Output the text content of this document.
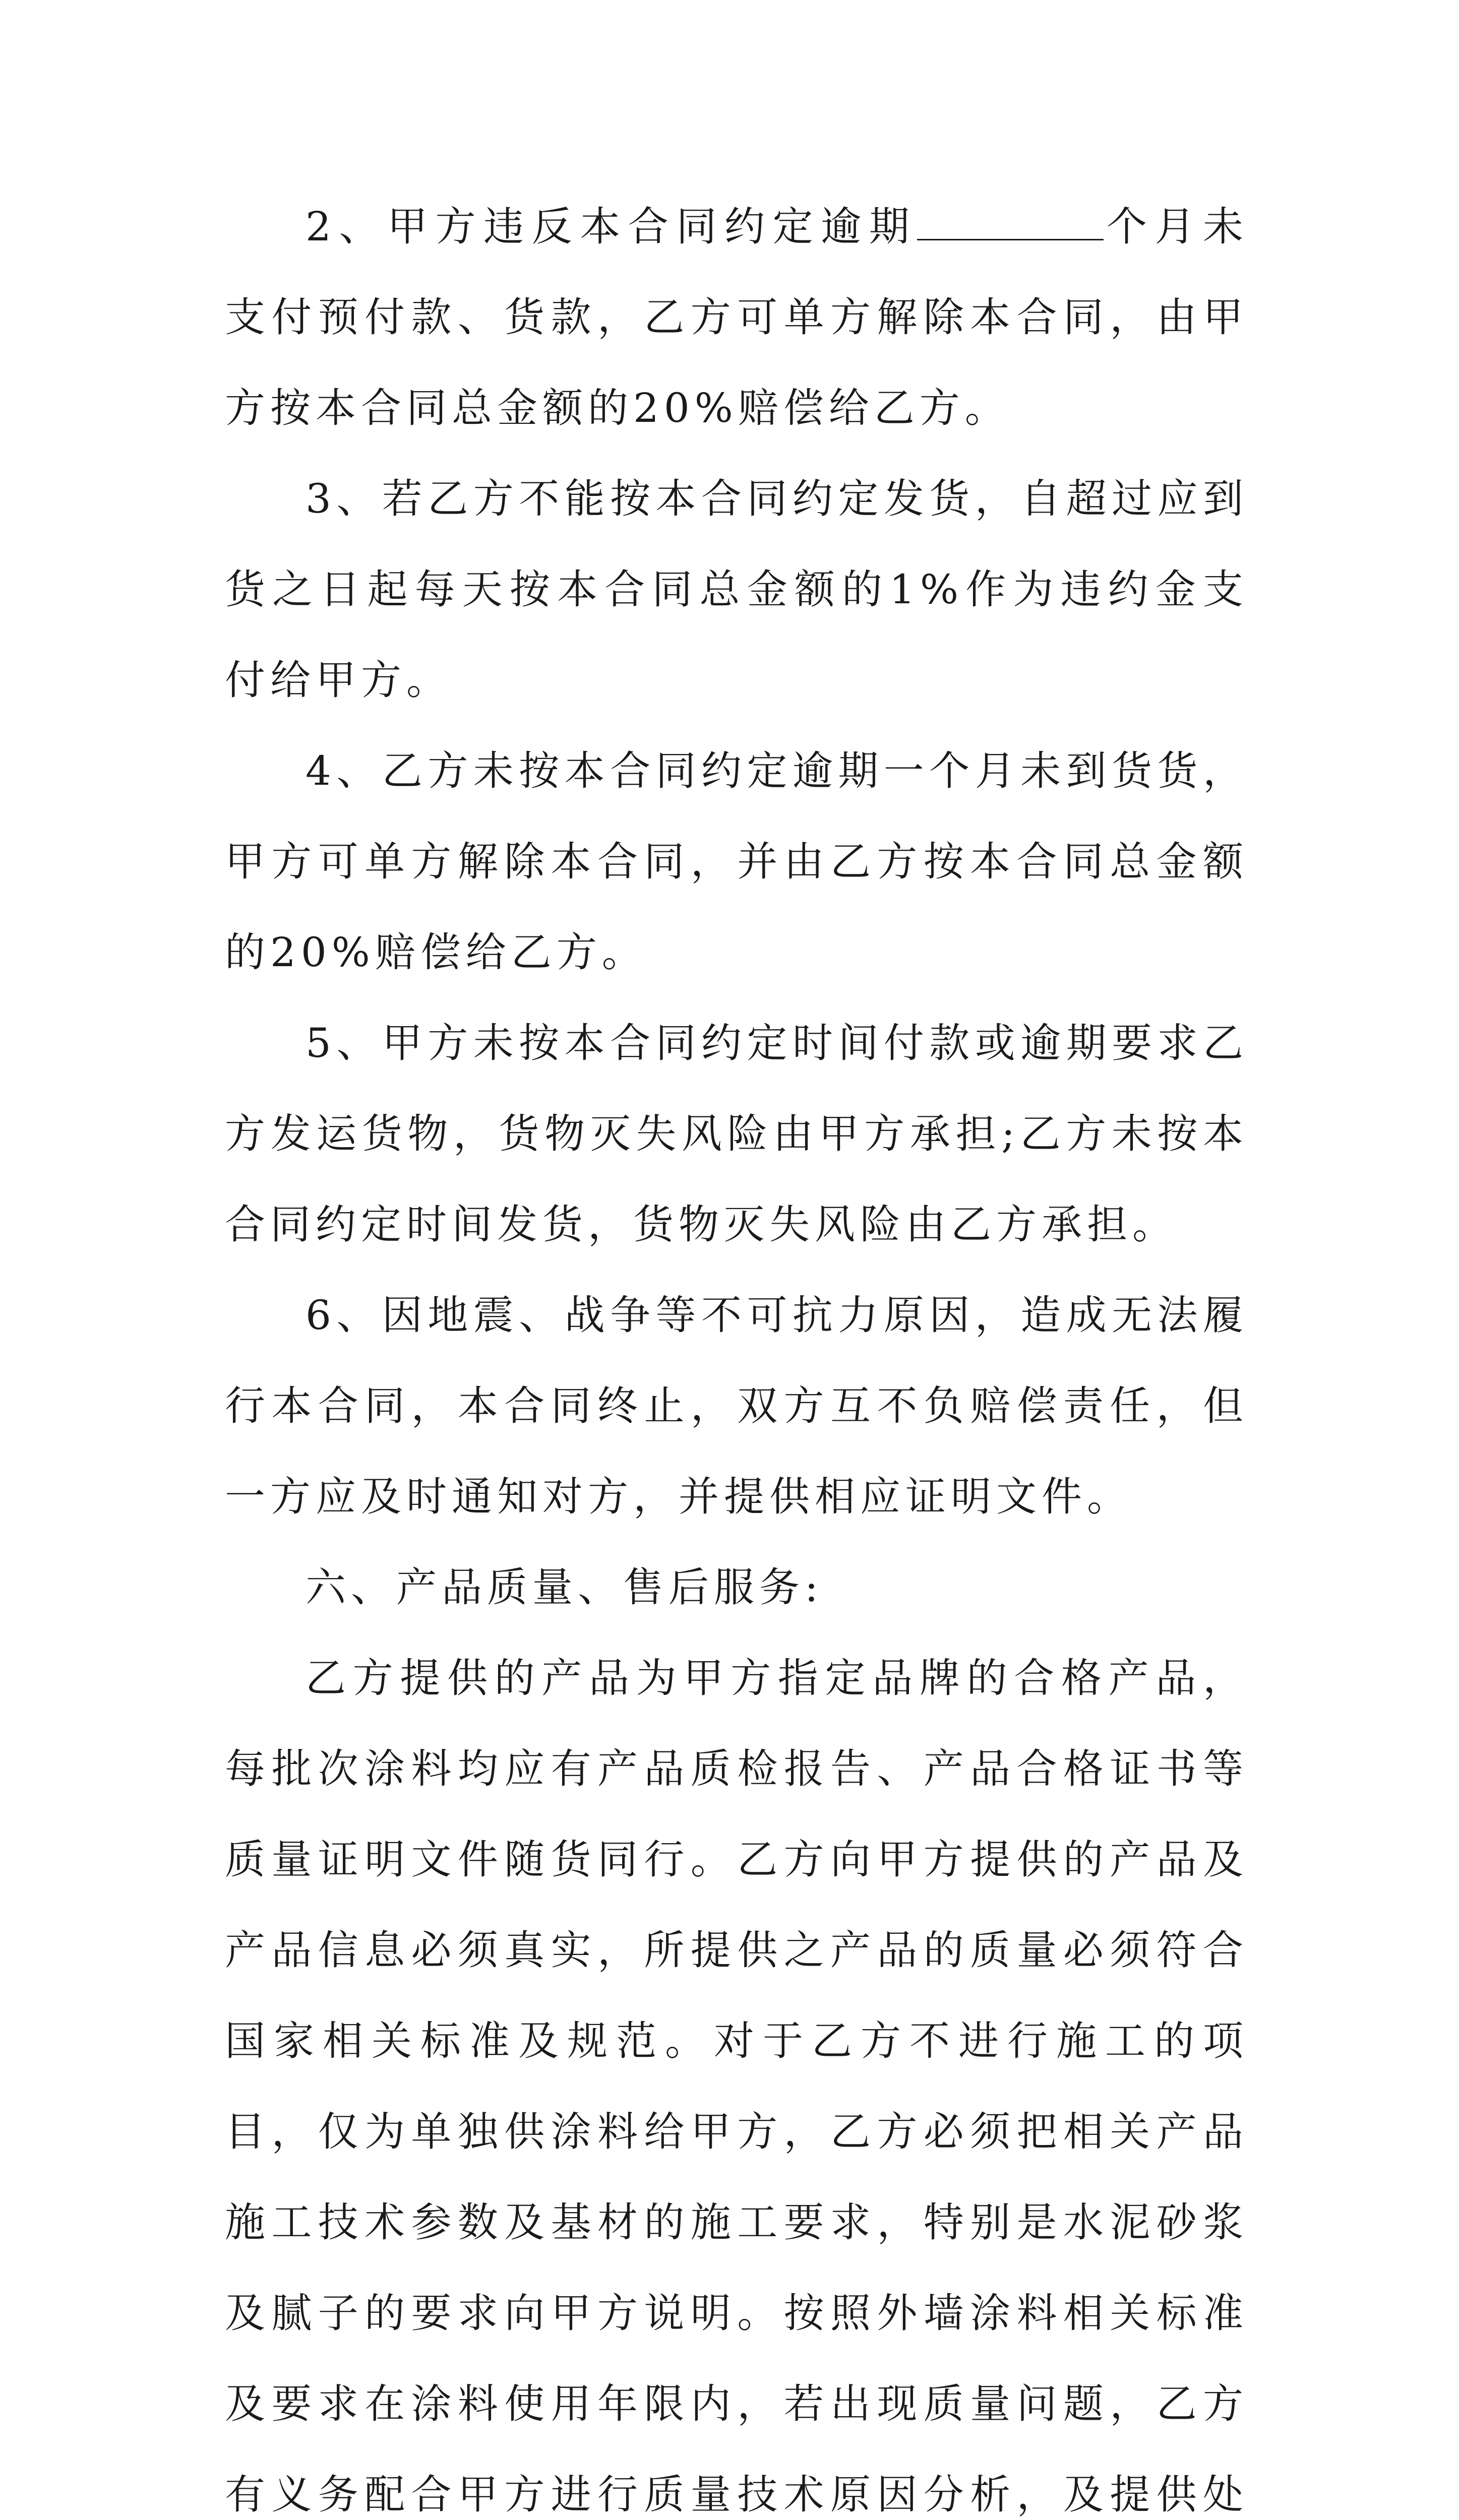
2、甲方违反本合同约定逾期	个月未支付预付款、货款，乙方可单方解除本合同，由甲方按本合同总金额的20%赔偿给乙方。

3、若乙方不能按本合同约定发货，自超过应到货之日起每天按本合同总金额的1%作为违约金支付给甲方。

4、乙方未按本合同约定逾期一个月未到货货，甲方可单方解除本合同，并由乙方按本合同总金额的20%赔偿给乙方。

5、甲方未按本合同约定时间付款或逾期要求乙方发运货物，货物灭失风险由甲方承担;乙方未按本合同约定时间发货，货物灭失风险由乙方承担。

6、因地震、战争等不可抗力原因，造成无法履行本合同，本合同终止，双方互不负赔偿责任，但一方应及时通知对方，并提供相应证明文件。

六、产品质量、售后服务:

乙方提供的产品为甲方指定品牌的合格产品，每批次涂料均应有产品质检报告、产品合格证书等质量证明文件随货同行。乙方向甲方提供的产品及产品信息必须真实，所提供之产品的质量必须符合国家相关标准及规范。对于乙方不进行施工的项目，仅为单独供涂料给甲方，乙方必须把相关产品施工技术参数及基材的施工要求，特别是水泥砂浆及腻子的要求向甲方说明。按照外墙涂料相关标准及要求在涂料使用年限内，若出现质量问题，乙方有义务配合甲方进行质量技术原因分析，及提供处
